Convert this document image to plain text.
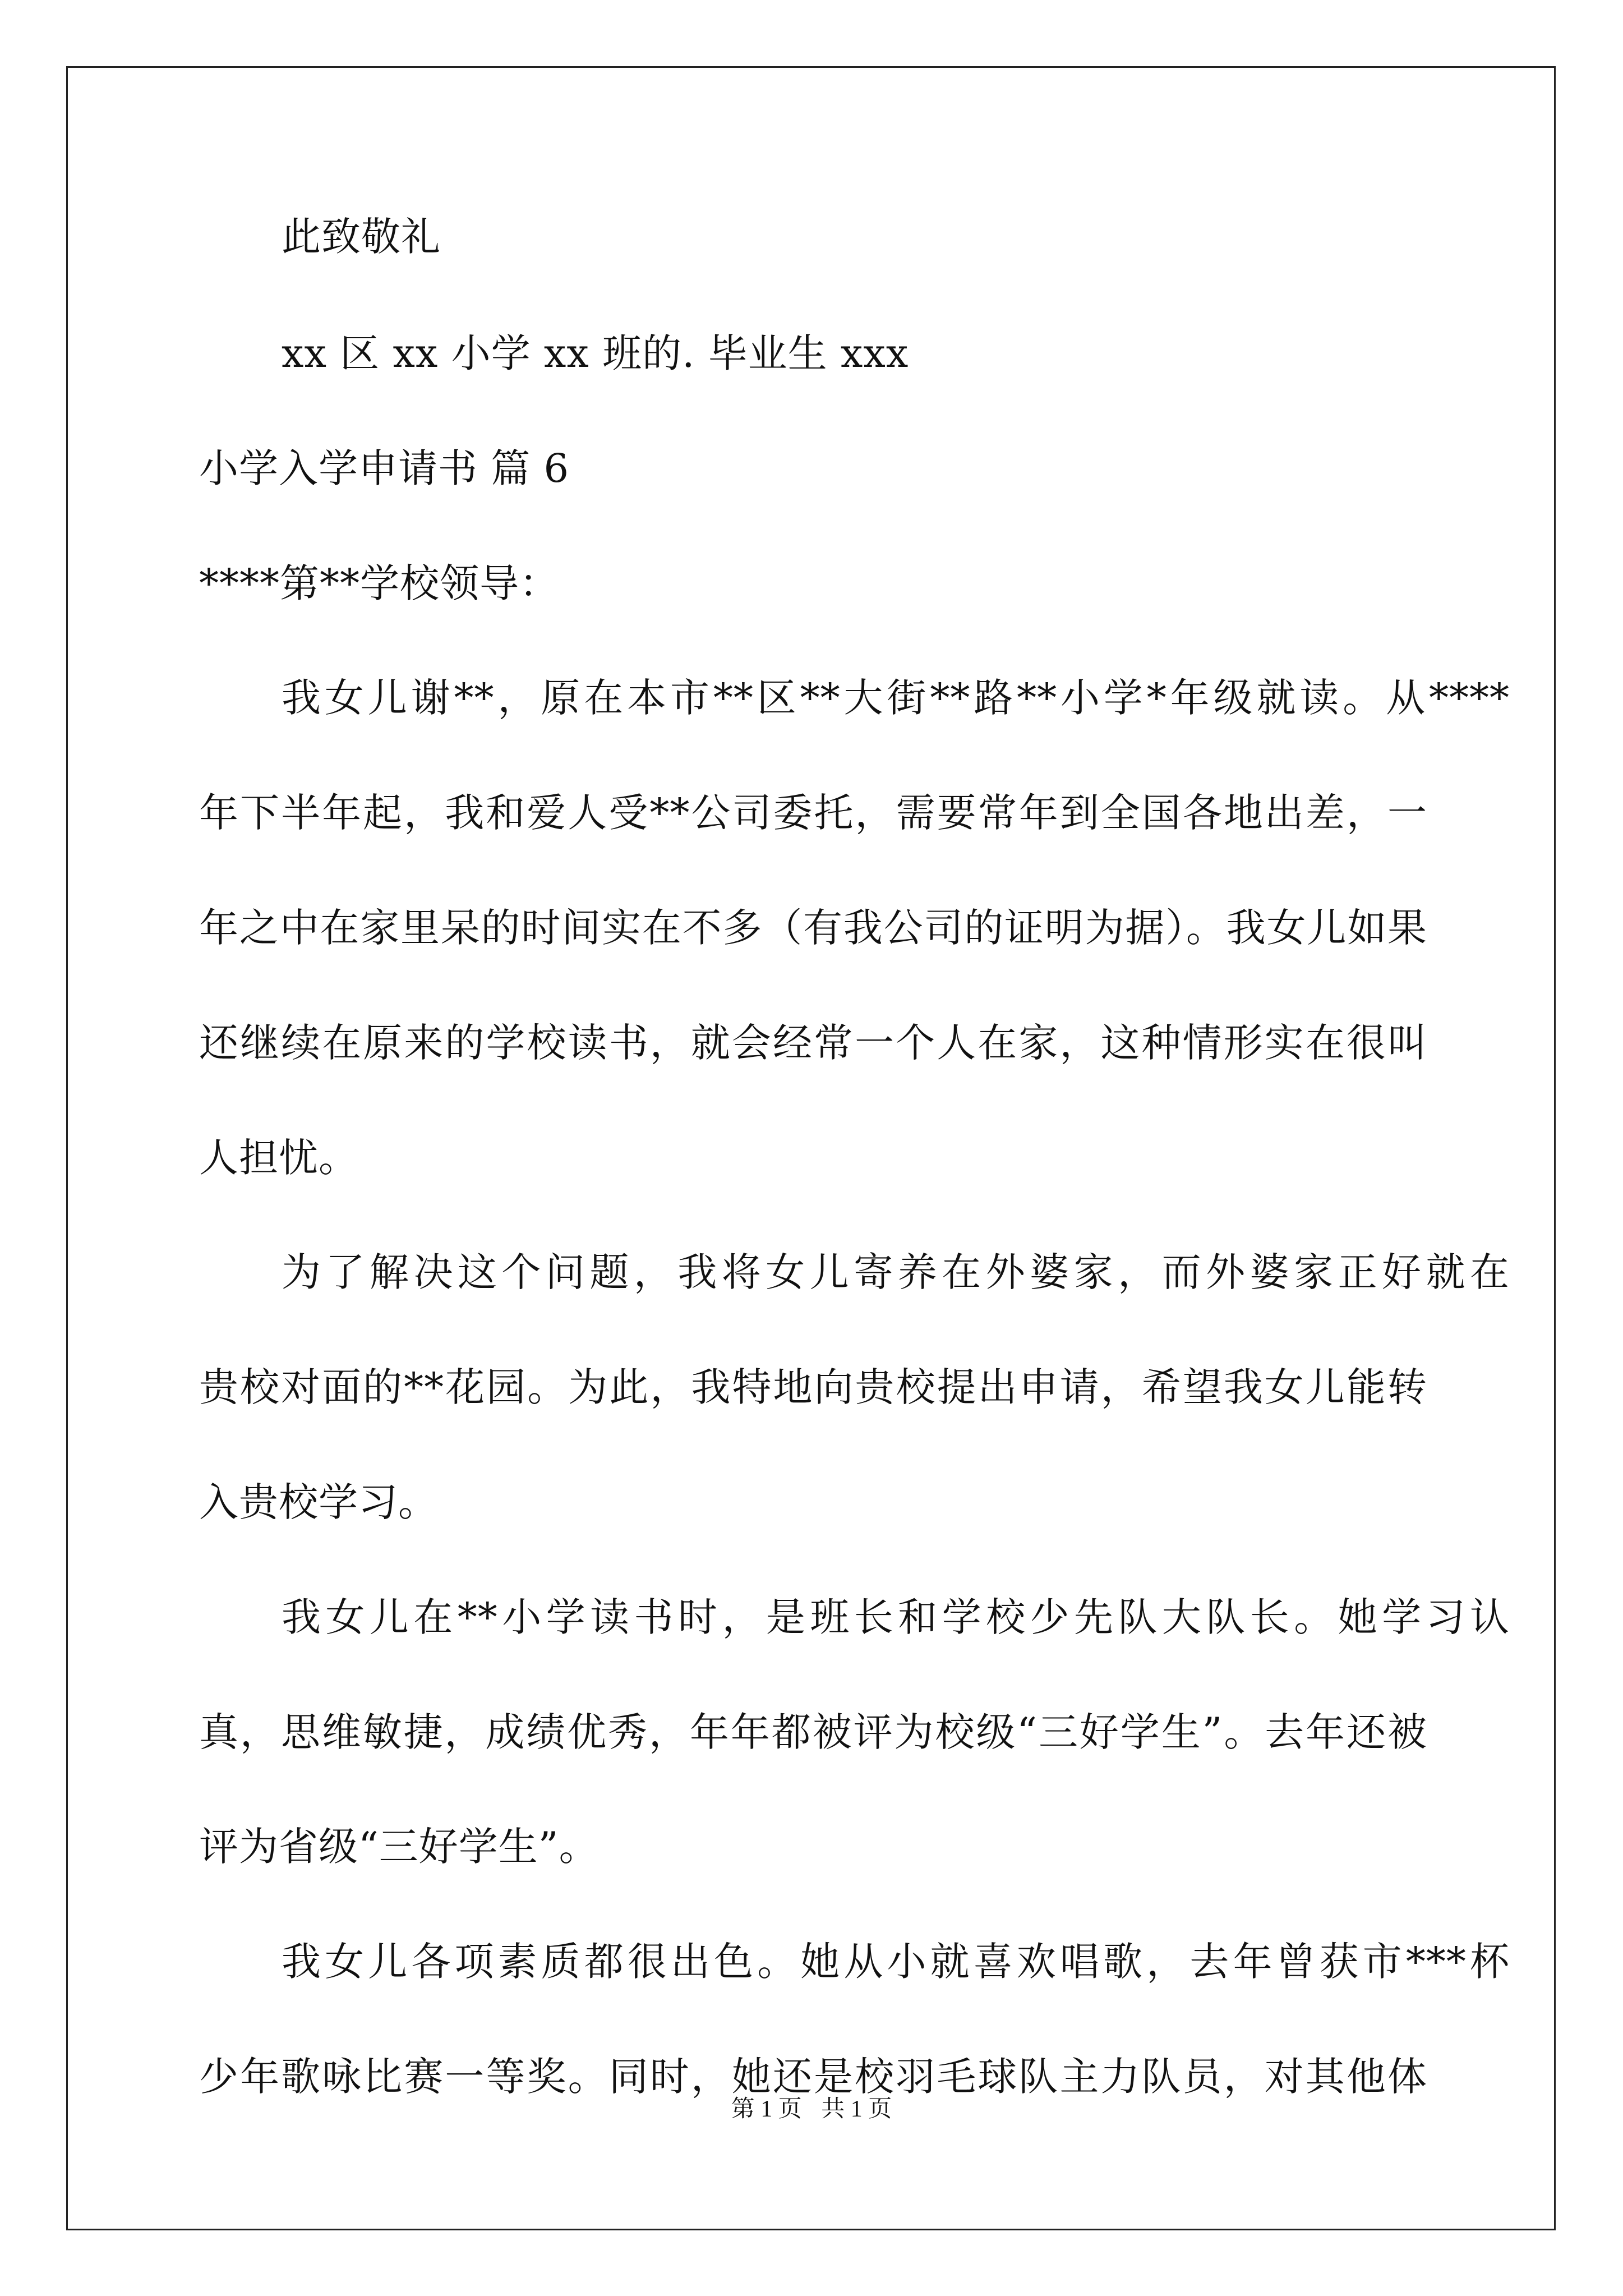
此致敬礼
xx 区 xx 小学 xx 班的. 毕业生 xxx
小学入学申请书 篇 6
****第**学校领导：
我女儿谢**，原在本市**区**大街**路**小学*年级就读。从****
年下半年起，我和爱人受**公司委托，需要常年到全国各地出差，一
年之中在家里呆的时间实在不多（有我公司的证明为据）。我女儿如果
还继续在原来的学校读书，就会经常一个人在家，这种情形实在很叫
人担忧。
为了解决这个问题，我将女儿寄养在外婆家，而外婆家正好就在
贵校对面的**花园。为此，我特地向贵校提出申请，希望我女儿能转
入贵校学习。
我女儿在**小学读书时，是班长和学校少先队大队长。她学习认
真，思维敏捷，成绩优秀，年年都被评为校级“三好学生”。去年还被
评为省级“三好学生”。
我女儿各项素质都很出色。她从小就喜欢唱歌，去年曾获市***杯
少年歌咏比赛一等奖。同时，她还是校羽毛球队主力队员，对其他体
第 1 页 共 1 页
